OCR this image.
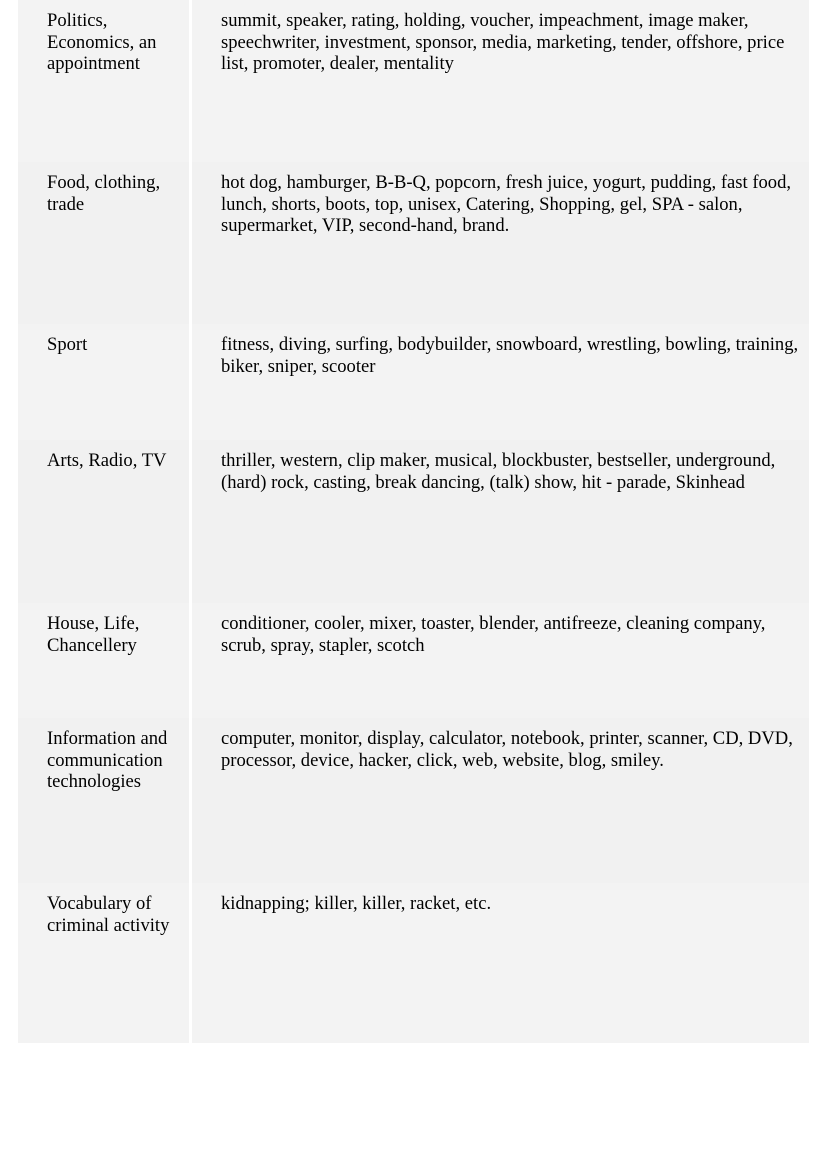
Politics, Economics, an appointment	summit, speaker, rating, holding, voucher, impeachment, image maker, speechwriter, investment, sponsor, media, marketing, tender, offshore, price list, promoter, dealer, mentality

Food, clothing, trade	hot dog, hamburger, B-B-Q, popcorn, fresh juice, yogurt, pudding, fast food, lunch, shorts, boots, top, unisex, Catering, Shopping, gel, SPA - salon, supermarket, VIP, second-hand, brand.

Sport	fitness, diving, surfing, bodybuilder, snowboard, wrestling, bowling, training, biker, sniper, scooter

Arts, Radio, TV	thriller, western, clip maker, musical, blockbuster, bestseller, underground, (hard) rock, casting, break dancing, (talk) show, hit - parade, Skinhead

House, Life, Chancellery	conditioner, cooler, mixer, toaster, blender, antifreeze, cleaning company, scrub, spray, stapler, scotch

Information and communication technologies	computer, monitor, display, calculator, notebook, printer, scanner, CD, DVD, processor, device, hacker, click, web, website, blog, smiley.

Vocabulary of criminal activity	kidnapping; killer, killer, racket, etc.
